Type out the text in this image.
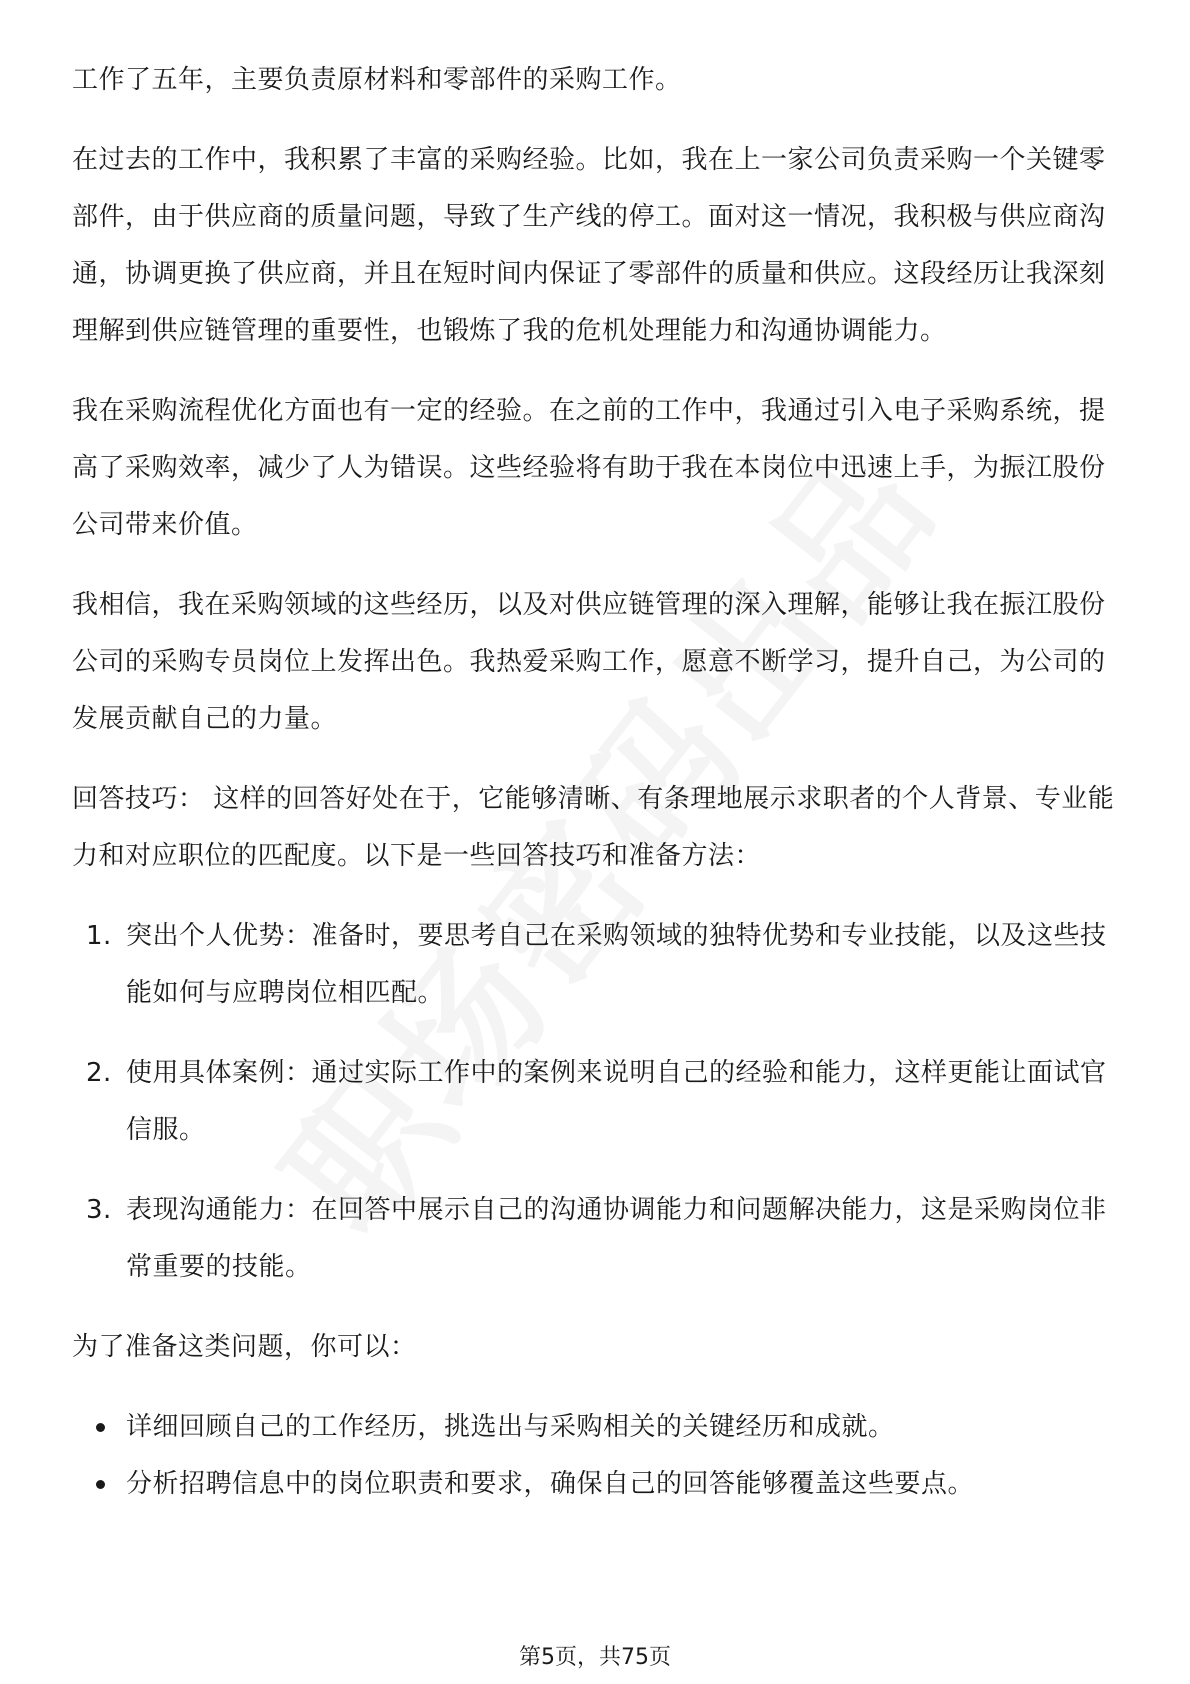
工作了五年，主要负责原材料和零部件的采购工作。

在过去的工作中，我积累了丰富的采购经验。比如，我在上一家公司负责采购一个关键零部件，由于供应商的质量问题，导致了生产线的停工。面对这一情况，我积极与供应商沟通，协调更换了供应商，并且在短时间内保证了零部件的质量和供应。这段经历让我深刻理解到供应链管理的重要性，也锻炼了我的危机处理能力和沟通协调能力。

我在采购流程优化方面也有一定的经验。在之前的工作中，我通过引入电子采购系统，提高了采购效率，减少了人为错误。这些经验将有助于我在本岗位中迅速上手，为振江股份公司带来价值。

我相信，我在采购领域的这些经历，以及对供应链管理的深入理解，能够让我在振江股份公司的采购专员岗位上发挥出色。我热爱采购工作，愿意不断学习，提升自己，为公司的发展贡献自己的力量。

回答技巧： 这样的回答好处在于，它能够清晰、有条理地展示求职者的个人背景、专业能力和对应职位的匹配度。以下是一些回答技巧和准备方法：

1. 突出个人优势：准备时，要思考自己在采购领域的独特优势和专业技能，以及这些技能如何与应聘岗位相匹配。
2. 使用具体案例：通过实际工作中的案例来说明自己的经验和能力，这样更能让面试官信服。
3. 表现沟通能力：在回答中展示自己的沟通协调能力和问题解决能力，这是采购岗位非常重要的技能。

为了准备这类问题，你可以：

详细回顾自己的工作经历，挑选出与采购相关的关键经历和成就。
分析招聘信息中的岗位职责和要求，确保自己的回答能够覆盖这些要点。
第5页，共75页
